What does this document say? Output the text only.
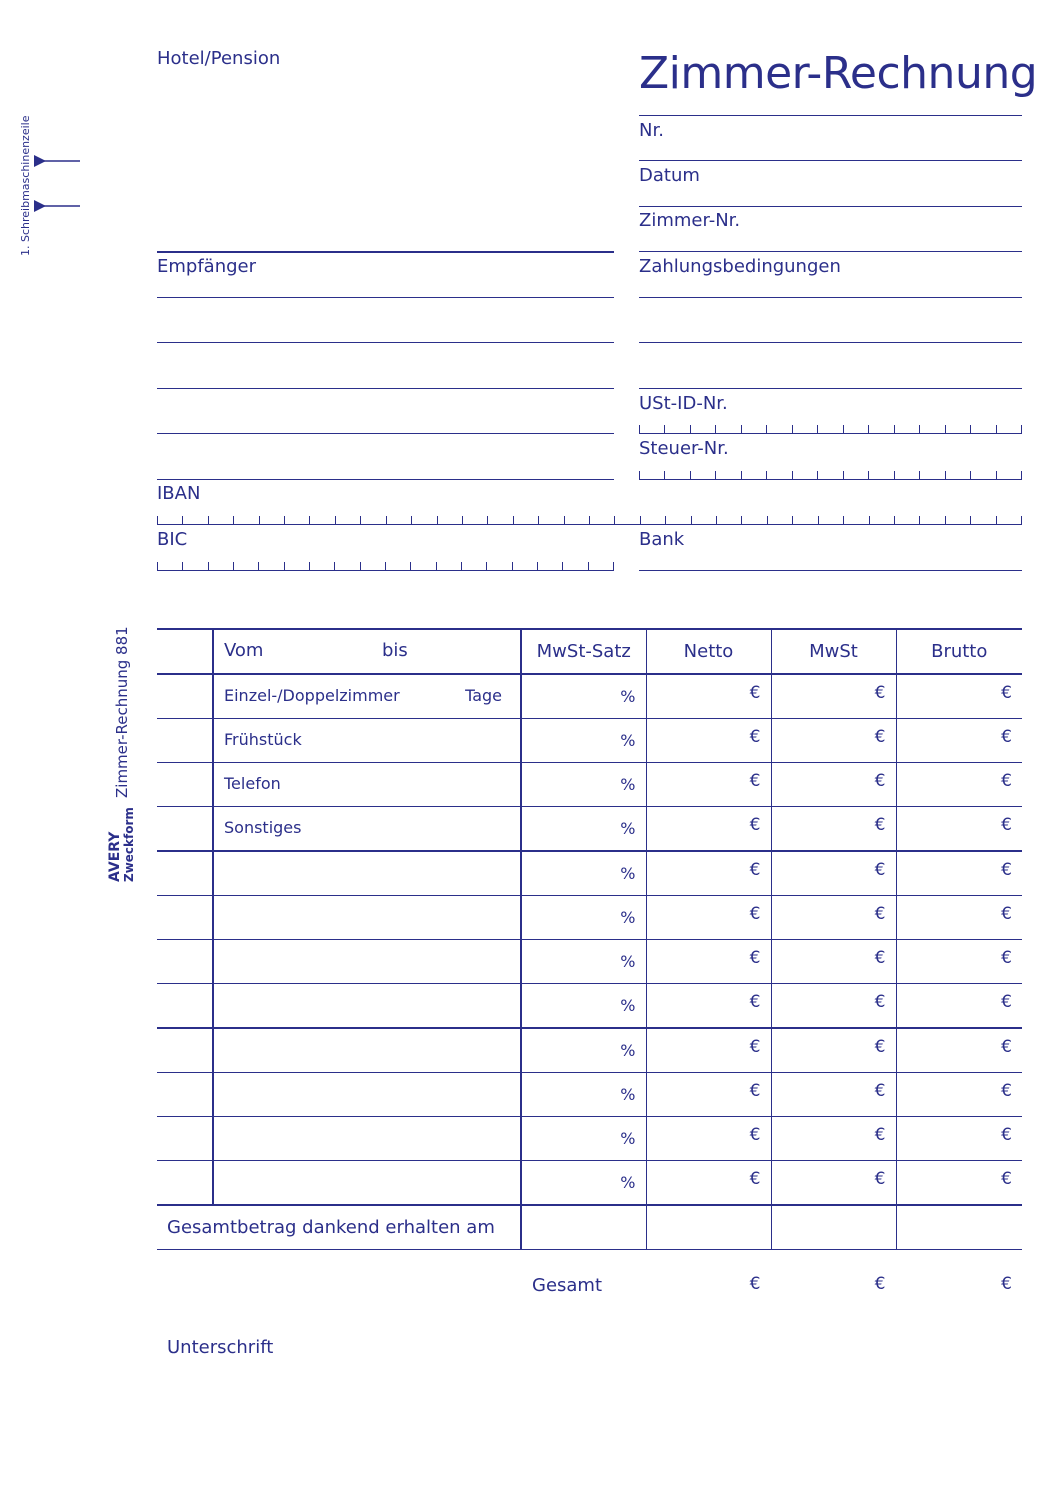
Hotel/Pension	Zimmer-Rechnung
1. Schreibmaschinenzeile	Nr.
Datum
Zimmer-Nr.
Zahlungsbedingungen
USt-ID-Nr.
Steuer-Nr.
Empfänger
IBAN
BIC	Bank
Zimmer-Rechnung 881
AVERY Zweckform

	Vom bis	MwSt-Satz	Netto	MwSt	Brutto

	Einzel-/Doppelzimmer Tage	%	€	€	€

	Frühstück	%	€	€	€

	Telefon	%	€	€	€

	Sonstiges	%	€	€	€

		%	€	€	€

		%	€	€	€

		%	€	€	€

		%	€	€	€

		%	€	€	€

		%	€	€	€

		%	€	€	€

		%	€	€	€

Gesamtbetrag dankend erhalten am
Unterschrift		Gesamt	€	€	€
